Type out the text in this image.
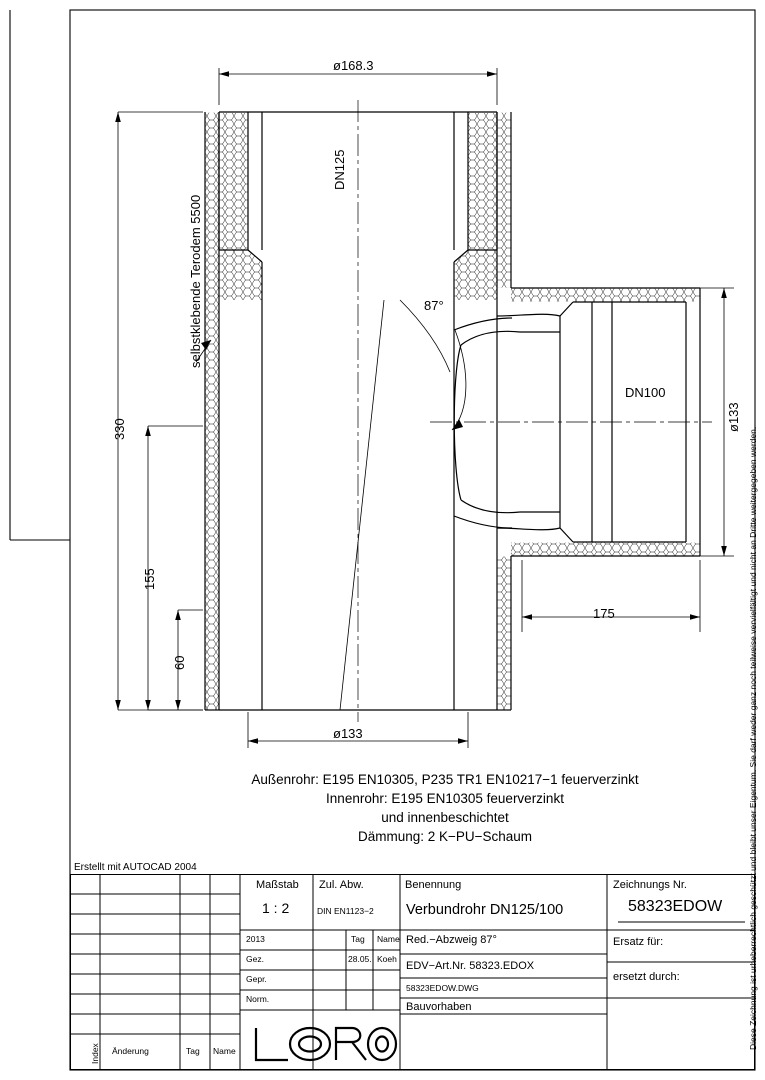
ø168.3
ø133
330
155
60
175
ø133
DN125
DN100
87°
selbstklebende Terodem 5500
Außenrohr: E195 EN10305, P235 TR1 EN10217−1 feuerverzinkt
Innenrohr: E195 EN10305 feuerverzinkt
und innenbeschichtet
Dämmung: 2 K−PU−Schaum
Erstellt mit AUTOCAD 2004	Diese Zeichnung ist urheberrechtlich geschützt und bleibt unser Eigentum. Sie darf weder ganz noch teilweise vervielfältigt und nicht an Dritte weitergegeben werden.
Maßstab
1 : 2
Zul. Abw.
DIN EN1123−2
Benennung
Verbundrohr DN125/100
Zeichnungs Nr.
58323EDOW
Ersatz für:
ersetzt durch:
2013	Tag Name
Gez.	28.05. Koeh
Gepr.
Norm.
Red.−Abzweig 87°
EDV−Art.Nr. 58323.EDOX
58323EDOW.DWG
Bauvorhaben
Index Änderung	Tag Name
